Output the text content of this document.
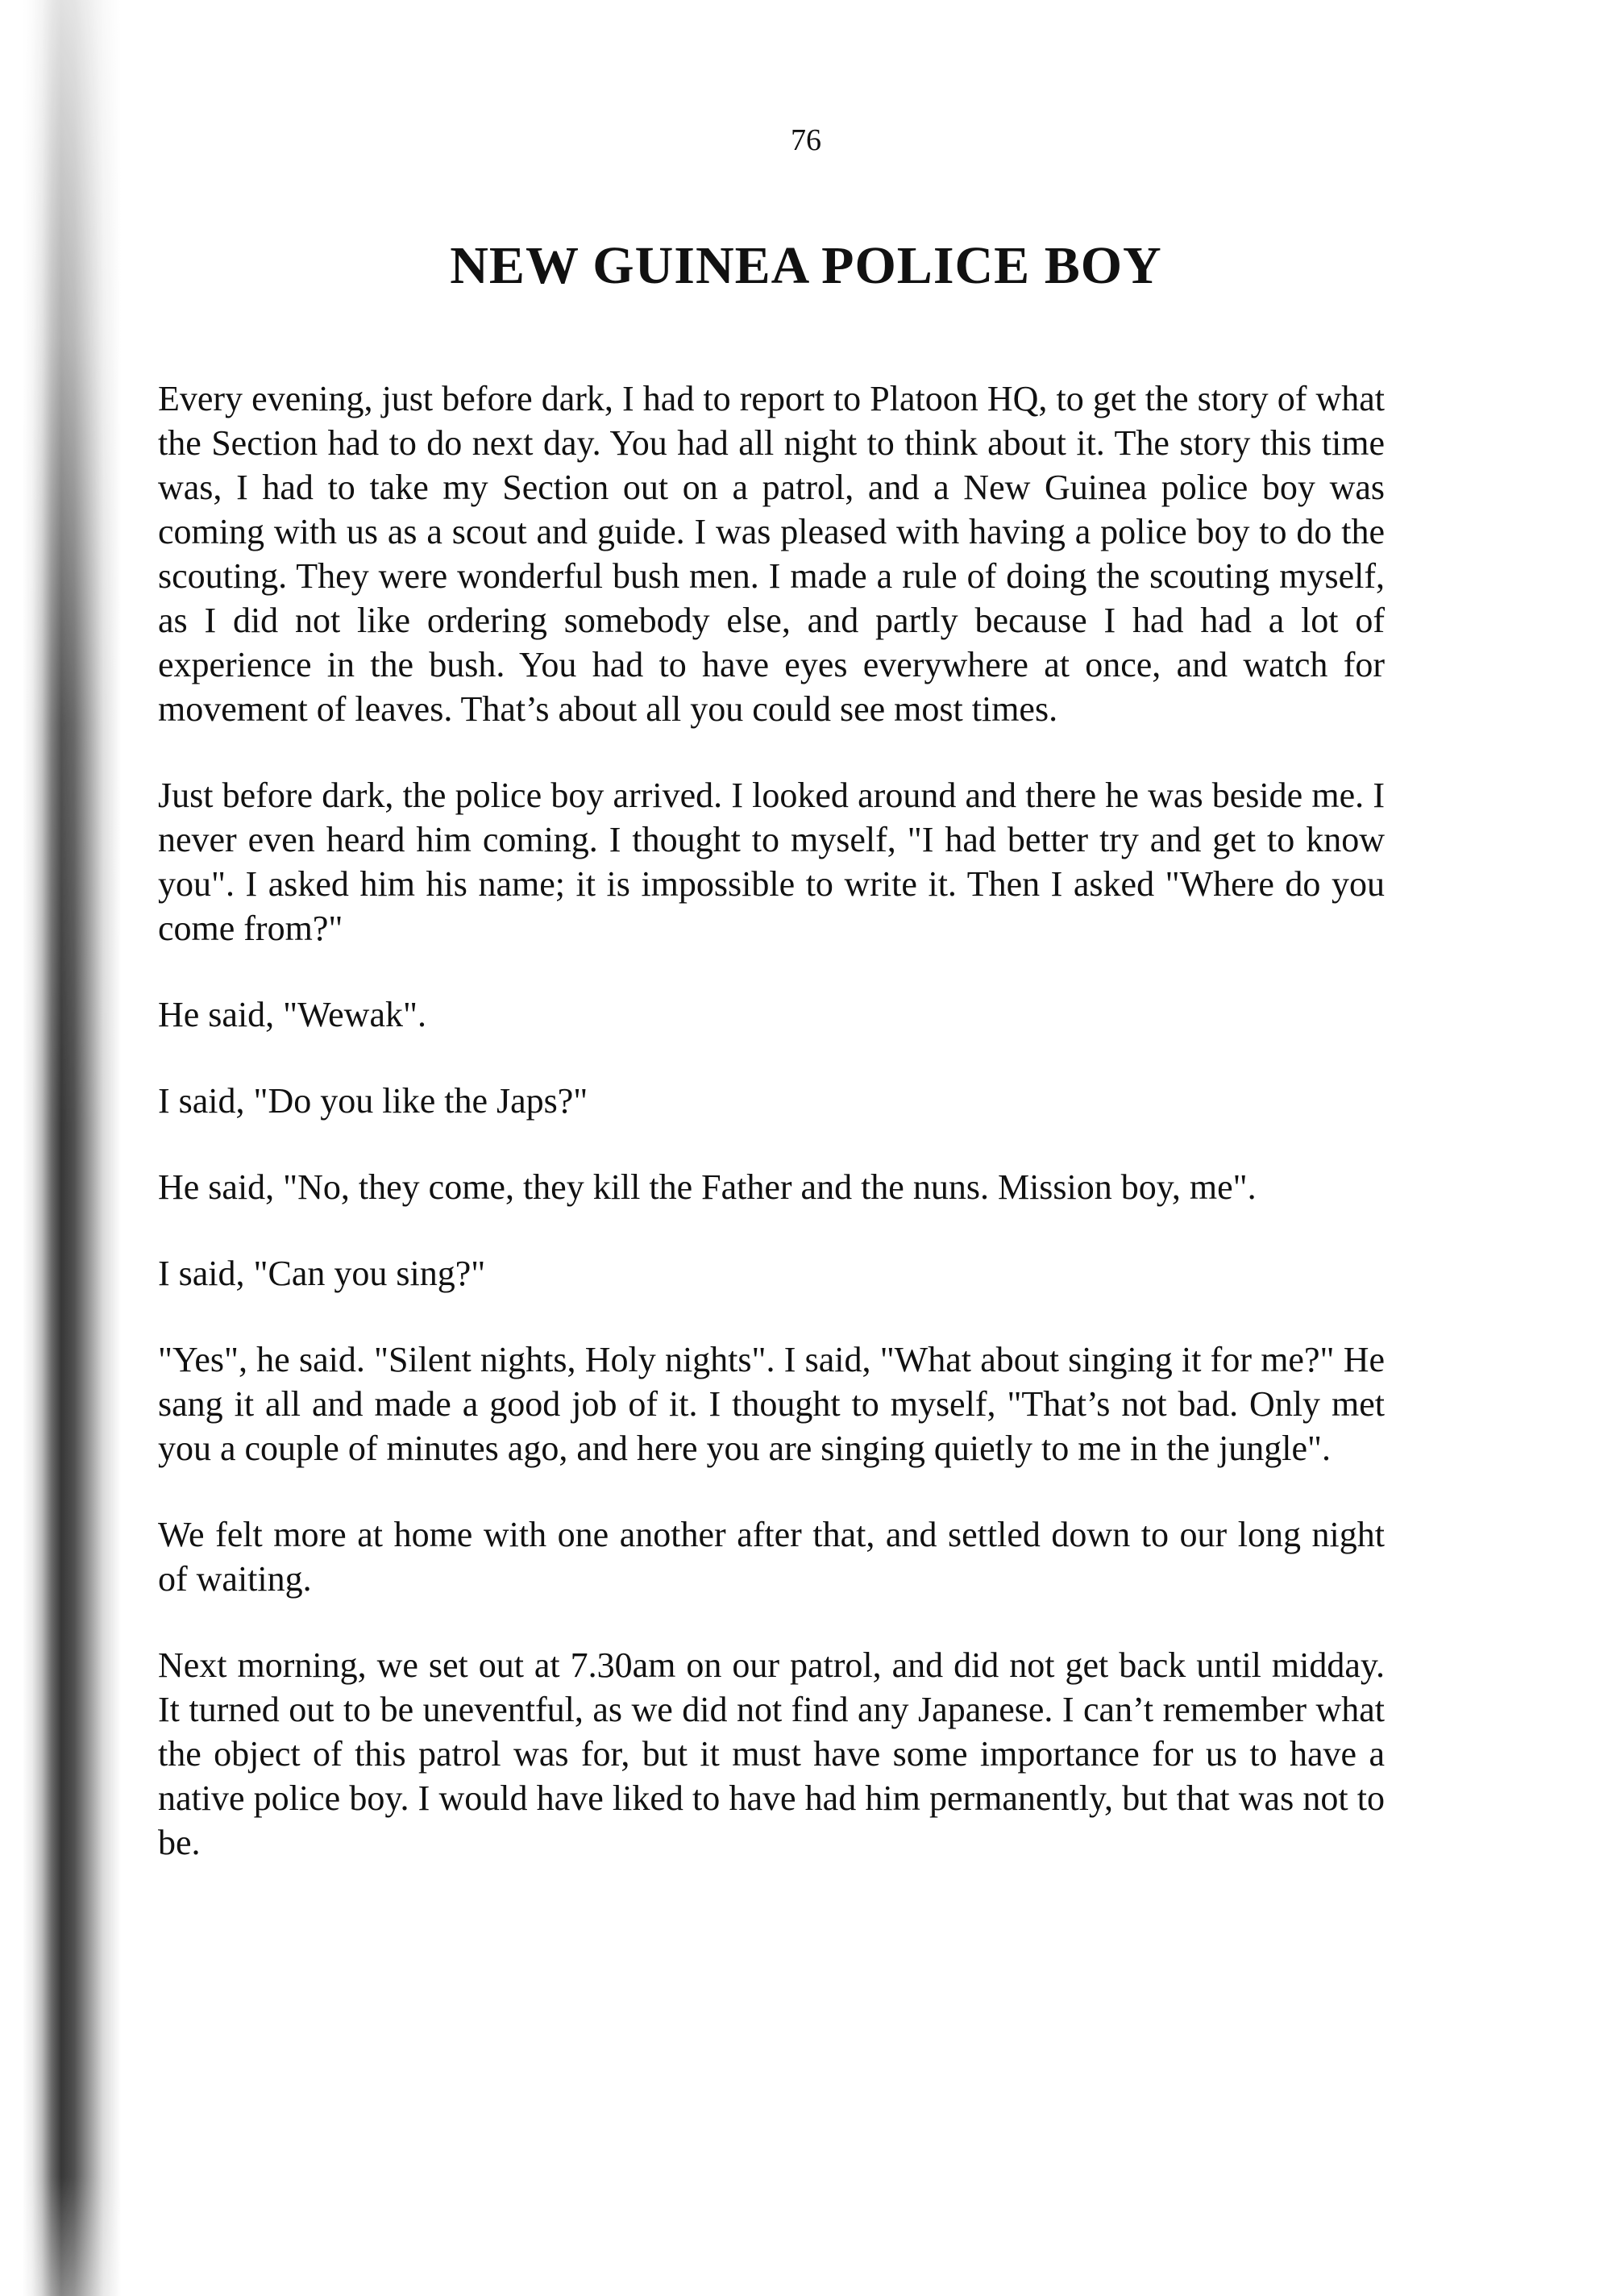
76
NEW GUINEA POLICE BOY

Every evening, just before dark, I had to report to Platoon HQ, to get the story of what the Section had to do next day. You had all night to think about it. The story this time was, I had to take my Section out on a patrol, and a New Guinea police boy was coming with us as a scout and guide. I was pleased with having a police boy to do the scouting. They were wonderful bush men. I made a rule of doing the scouting myself, as I did not like ordering somebody else, and partly because I had had a lot of experience in the bush. You had to have eyes everywhere at once, and watch for movement of leaves. That’s about all you could see most times.

Just before dark, the police boy arrived. I looked around and there he was beside me. I never even heard him coming. I thought to myself, "I had better try and get to know you". I asked him his name; it is impossible to write it. Then I asked "Where do you come from?"

He said, "Wewak".

I said, "Do you like the Japs?"

He said, "No, they come, they kill the Father and the nuns. Mission boy, me".

I said, "Can you sing?"

"Yes", he said. "Silent nights, Holy nights". I said, "What about singing it for me?" He sang it all and made a good job of it. I thought to myself, "That’s not bad. Only met you a couple of minutes ago, and here you are singing quietly to me in the jungle".

We felt more at home with one another after that, and settled down to our long night of waiting.

Next morning, we set out at 7.30am on our patrol, and did not get back until midday. It turned out to be uneventful, as we did not find any Japanese. I can’t remember what the object of this patrol was for, but it must have some importance for us to have a native police boy. I would have liked to have had him permanently, but that was not to be.
